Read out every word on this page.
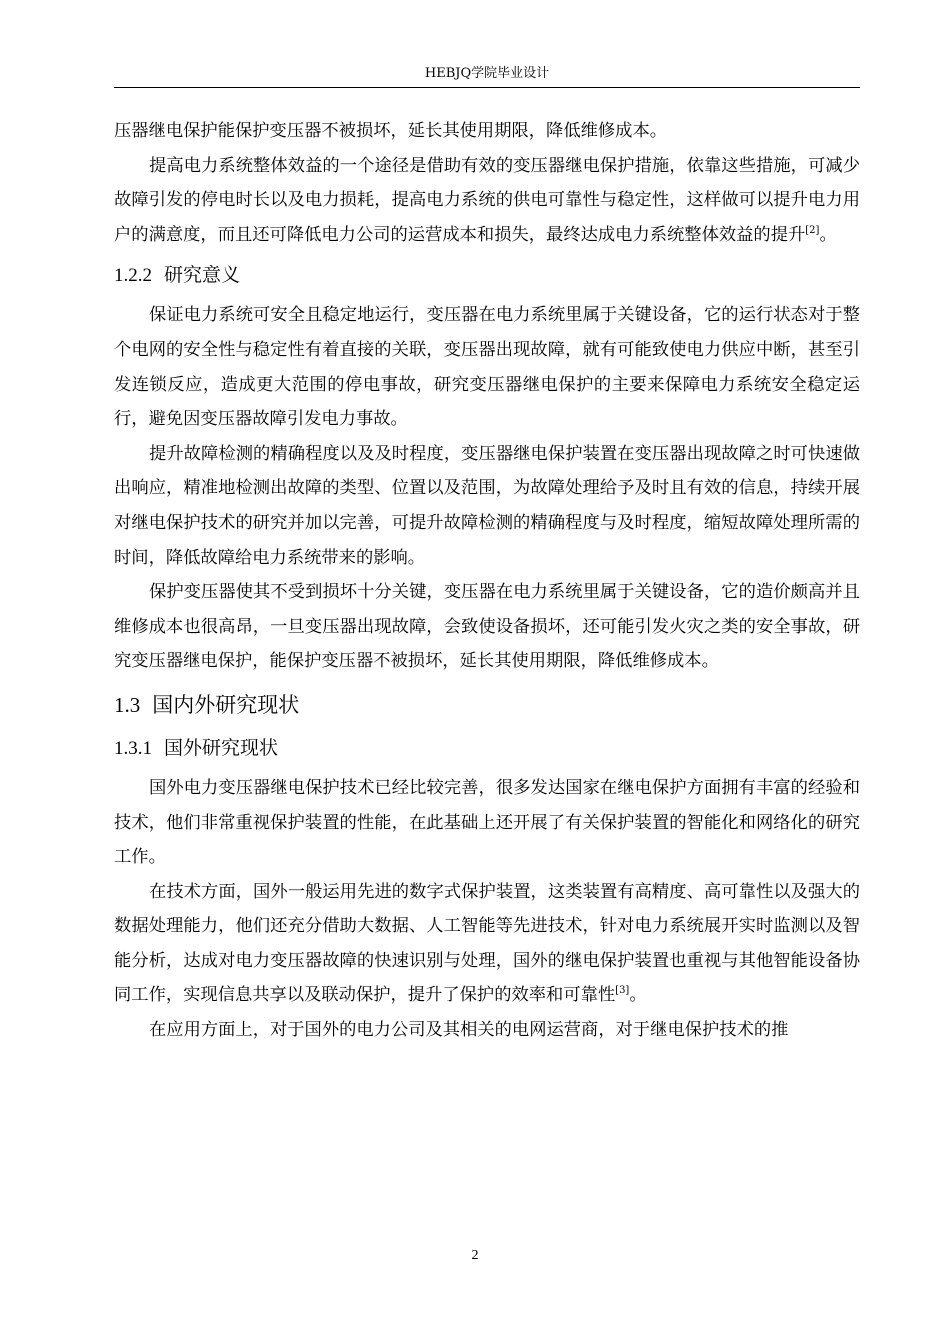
HEBJQ学院毕业设计

压器继电保护能保护变压器不被损坏，延长其使用期限，降低维修成本。

提高电力系统整体效益的一个途径是借助有效的变压器继电保护措施，依靠这些措施，可减少故障引发的停电时长以及电力损耗，提高电力系统的供电可靠性与稳定性，这样做可以提升电力用户的满意度，而且还可降低电力公司的运营成本和损失，最终达成电力系统整体效益的提升[2]。

1.2.2 研究意义

保证电力系统可安全且稳定地运行，变压器在电力系统里属于关键设备，它的运行状态对于整个电网的安全性与稳定性有着直接的关联，变压器出现故障，就有可能致使电力供应中断，甚至引发连锁反应，造成更大范围的停电事故，研究变压器继电保护的主要来保障电力系统安全稳定运行，避免因变压器故障引发电力事故。

提升故障检测的精确程度以及及时程度，变压器继电保护装置在变压器出现故障之时可快速做出响应，精准地检测出故障的类型、位置以及范围，为故障处理给予及时且有效的信息，持续开展对继电保护技术的研究并加以完善，可提升故障检测的精确程度与及时程度，缩短故障处理所需的时间，降低故障给电力系统带来的影响。

保护变压器使其不受到损坏十分关键，变压器在电力系统里属于关键设备，它的造价颇高并且维修成本也很高昂，一旦变压器出现故障，会致使设备损坏，还可能引发火灾之类的安全事故，研究变压器继电保护，能保护变压器不被损坏，延长其使用期限，降低维修成本。

1.3 国内外研究现状
1.3.1 国外研究现状

国外电力变压器继电保护技术已经比较完善，很多发达国家在继电保护方面拥有丰富的经验和技术，他们非常重视保护装置的性能，在此基础上还开展了有关保护装置的智能化和网络化的研究工作。

在技术方面，国外一般运用先进的数字式保护装置，这类装置有高精度、高可靠性以及强大的数据处理能力，他们还充分借助大数据、人工智能等先进技术，针对电力系统展开实时监测以及智能分析，达成对电力变压器故障的快速识别与处理，国外的继电保护装置也重视与其他智能设备协同工作，实现信息共享以及联动保护，提升了保护的效率和可靠性[3]。

在应用方面上，对于国外的电力公司及其相关的电网运营商，对于继电保护技术的推

2
